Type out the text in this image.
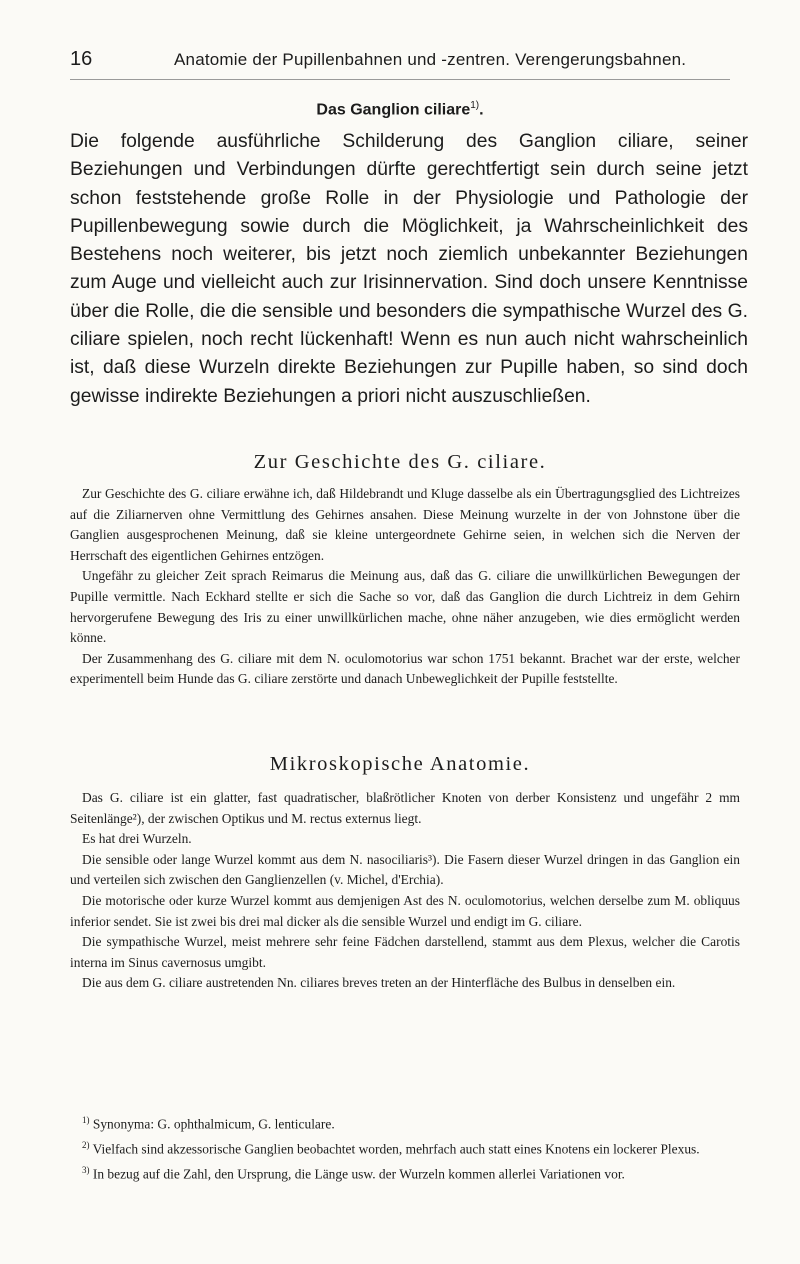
16	Anatomie der Pupillenbahnen und -zentren. Verengerungsbahnen.
Das Ganglion ciliare$^{1)}$.

Die folgende ausführliche Schilderung des Ganglion ciliare, seiner Beziehungen und Verbindungen dürfte gerechtfertigt sein durch seine jetzt schon feststehende große Rolle in der Physiologie und Pathologie der Pupillenbewegung sowie durch die Möglichkeit, ja Wahrscheinlichkeit des Bestehens noch weiterer, bis jetzt noch ziemlich unbekannter Beziehungen zum Auge und vielleicht auch zur Irisinnervation. Sind doch unsere Kenntnisse über die Rolle, die die sensible und besonders die sympathische Wurzel des G. ciliare spielen, noch recht lückenhaft! Wenn es nun auch nicht wahrscheinlich ist, daß diese Wurzeln direkte Beziehungen zur Pupille haben, so sind doch gewisse indirekte Beziehungen a priori nicht auszuschließen.

Zur Geschichte des G. ciliare.

Zur Geschichte des G. ciliare erwähne ich, daß Hildebrandt und Kluge dasselbe als ein Übertragungsglied des Lichtreizes auf die Ziliarnerven ohne Vermittlung des Gehirnes ansahen. Diese Meinung wurzelte in der von Johnstone über die Ganglien ausgesprochenen Meinung, daß sie kleine untergeordnete Gehirne seien, in welchen sich die Nerven der Herrschaft des eigentlichen Gehirnes entzögen.

Ungefähr zu gleicher Zeit sprach Reimarus die Meinung aus, daß das G. ciliare die unwillkürlichen Bewegungen der Pupille vermittle. Nach Eckhard stellte er sich die Sache so vor, daß das Ganglion die durch Lichtreiz in dem Gehirn hervorgerufene Bewegung des Iris zu einer unwillkürlichen mache, ohne näher anzugeben, wie dies ermöglicht werden könne.

Der Zusammenhang des G. ciliare mit dem N. oculomotorius war schon 1751 bekannt. Brachet war der erste, welcher experimentell beim Hunde das G. ciliare zerstörte und danach Unbeweglichkeit der Pupille feststellte.

Mikroskopische Anatomie.

Das G. ciliare ist ein glatter, fast quadratischer, blaßrötlicher Knoten von derber Konsistenz und ungefähr 2 mm Seitenlänge²), der zwischen Optikus und M. rectus externus liegt.

Es hat drei Wurzeln.

Die sensible oder lange Wurzel kommt aus dem N. nasociliaris³). Die Fasern dieser Wurzel dringen in das Ganglion ein und verteilen sich zwischen den Ganglienzellen (v. Michel, d'Erchia).

Die motorische oder kurze Wurzel kommt aus demjenigen Ast des N. oculomotorius, welchen derselbe zum M. obliquus inferior sendet. Sie ist zwei bis drei mal dicker als die sensible Wurzel und endigt im G. ciliare.

Die sympathische Wurzel, meist mehrere sehr feine Fädchen darstellend, stammt aus dem Plexus, welcher die Carotis interna im Sinus cavernosus umgibt.

Die aus dem G. ciliare austretenden Nn. ciliares breves treten an der Hinterfläche des Bulbus in denselben ein.

$^{1)}$ Synonyma: G. ophthalmicum, G. lenticulare.

$^{2)}$ Vielfach sind akzessorische Ganglien beobachtet worden, mehrfach auch statt eines Knotens ein lockerer Plexus.

$^{3)}$ In bezug auf die Zahl, den Ursprung, die Länge usw. der Wurzeln kommen allerlei Variationen vor.
